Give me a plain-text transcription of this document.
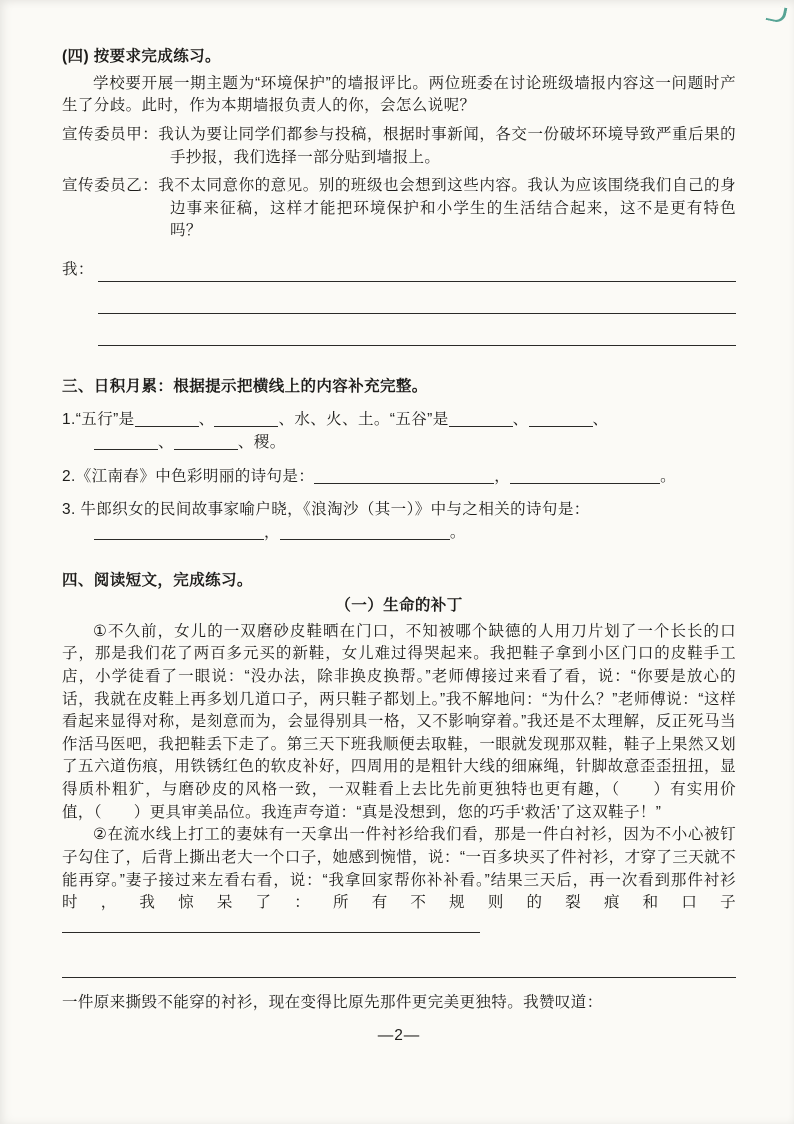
(四) 按要求完成练习。

学校要开展一期主题为“环境保护”的墙报评比。两位班委在讨论班级墙报内容这一问题时产生了分歧。此时，作为本期墙报负责人的你，会怎么说呢？

宣传委员甲：我认为要让同学们都参与投稿，根据时事新闻，各交一份破坏环境导致严重后果的手抄报，我们选择一部分贴到墙报上。

宣传委员乙：我不太同意你的意见。别的班级也会想到这些内容。我认为应该围绕我们自己的身边事来征稿，这样才能把环境保护和小学生的生活结合起来，这不是更有特色吗？

我：
三、日积月累：根据提示把横线上的内容补充完整。

1.“五行”是	、	、水、火、土。“五谷”是	、	、
、	、稷。

2.《江南春》中色彩明丽的诗句是：	，	。

3. 牛郎织女的民间故事家喻户晓，《浪淘沙（其一）》中与之相关的诗句是：
，	。

四、阅读短文，完成练习。

（一）生命的补丁

①不久前，女儿的一双磨砂皮鞋晒在门口，不知被哪个缺德的人用刀片划了一个长长的口子，那是我们花了两百多元买的新鞋，女儿难过得哭起来。我把鞋子拿到小区门口的皮鞋手工店，小学徒看了一眼说：“没办法，除非换皮换帮。”老师傅接过来看了看，说：“你要是放心的话，我就在皮鞋上再多划几道口子，两只鞋子都划上。”我不解地问：“为什么？”老师傅说：“这样看起来显得对称，是刻意而为，会显得别具一格，又不影响穿着。”我还是不太理解，反正死马当作活马医吧，我把鞋丢下走了。第三天下班我顺便去取鞋，一眼就发现那双鞋，鞋子上果然又划了五六道伤痕，用铁锈红色的软皮补好，四周用的是粗针大线的细麻绳，针脚故意歪歪扭扭，显得质朴粗犷，与磨砂皮的风格一致，一双鞋看上去比先前更独特也更有趣，（　　）有实用价值，（　　）更具审美品位。我连声夸道：“真是没想到，您的巧手‘救活’了这双鞋子！”

②在流水线上打工的妻妹有一天拿出一件衬衫给我们看，那是一件白衬衫，因为不小心被钉子勾住了，后背上撕出老大一个口子，她感到惋惜，说：“一百多块买了件衬衫，才穿了三天就不能再穿。”妻子接过来左看右看，说：“我拿回家帮你补补看。”结果三天后，再一次看到那件衬衫时，我惊呆了：所有不规则的裂痕和口子

一件原来撕毁不能穿的衬衫，现在变得比原先那件更完美更独特。我赞叹道：

—2—
